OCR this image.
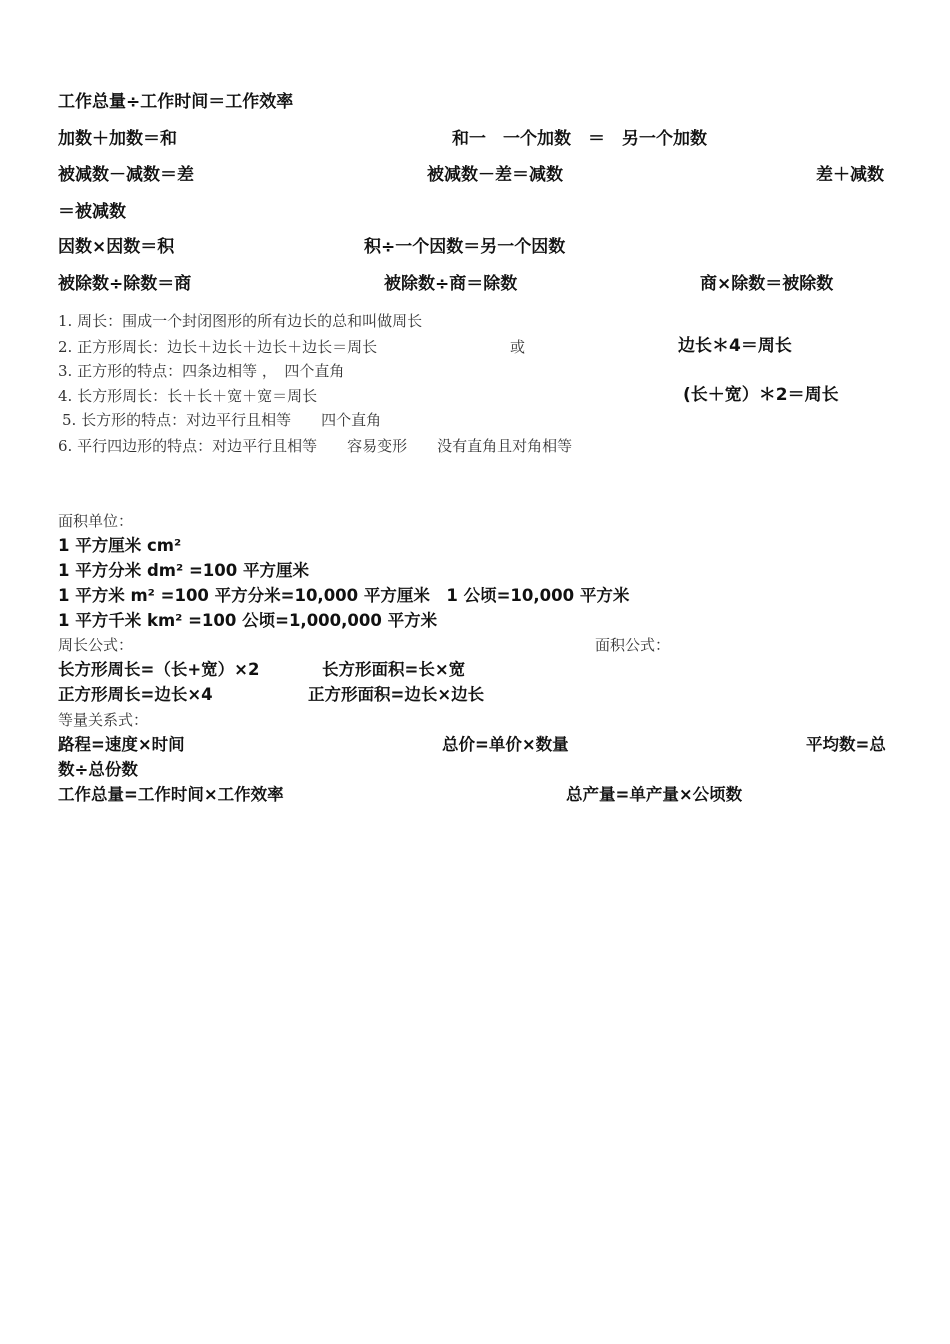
工作总量÷工作时间＝工作效率
加数＋加数＝和	和一　一个加数　＝　另一个加数
被减数－减数＝差	被减数－差＝减数	差＋减数
＝被减数
因数×因数＝积	积÷一个因数＝另一个因数
被除数÷除数＝商	被除数÷商＝除数	商×除数＝被除数
1. 周长：围成一个封闭图形的所有边长的总和叫做周长
2. 正方形周长：边长＋边长＋边长＋边长＝周长	或	边长＊4＝周长
3. 正方形的特点：四条边相等 ，　四个直角
4. 长方形周长：长＋长＋宽＋宽＝周长	(长＋宽）＊2＝周长
5. 长方形的特点：对边平行且相等　　四个直角
6. 平行四边形的特点：对边平行且相等　　容易变形　　没有直角且对角相等
面积单位：
1 平方厘米 cm²
1 平方分米 dm² =100 平方厘米
1 平方米 m² =100 平方分米=10,000 平方厘米　1 公顷=10,000 平方米
1 平方千米 km² =100 公顷=1,000,000 平方米
周长公式：	面积公式：
长方形周长=（长+宽）×2	长方形面积=长×宽
正方形周长=边长×4	正方形面积=边长×边长
等量关系式：
路程=速度×时间	总价=单价×数量	平均数=总
数÷总份数
工作总量=工作时间×工作效率	总产量=单产量×公顷数
